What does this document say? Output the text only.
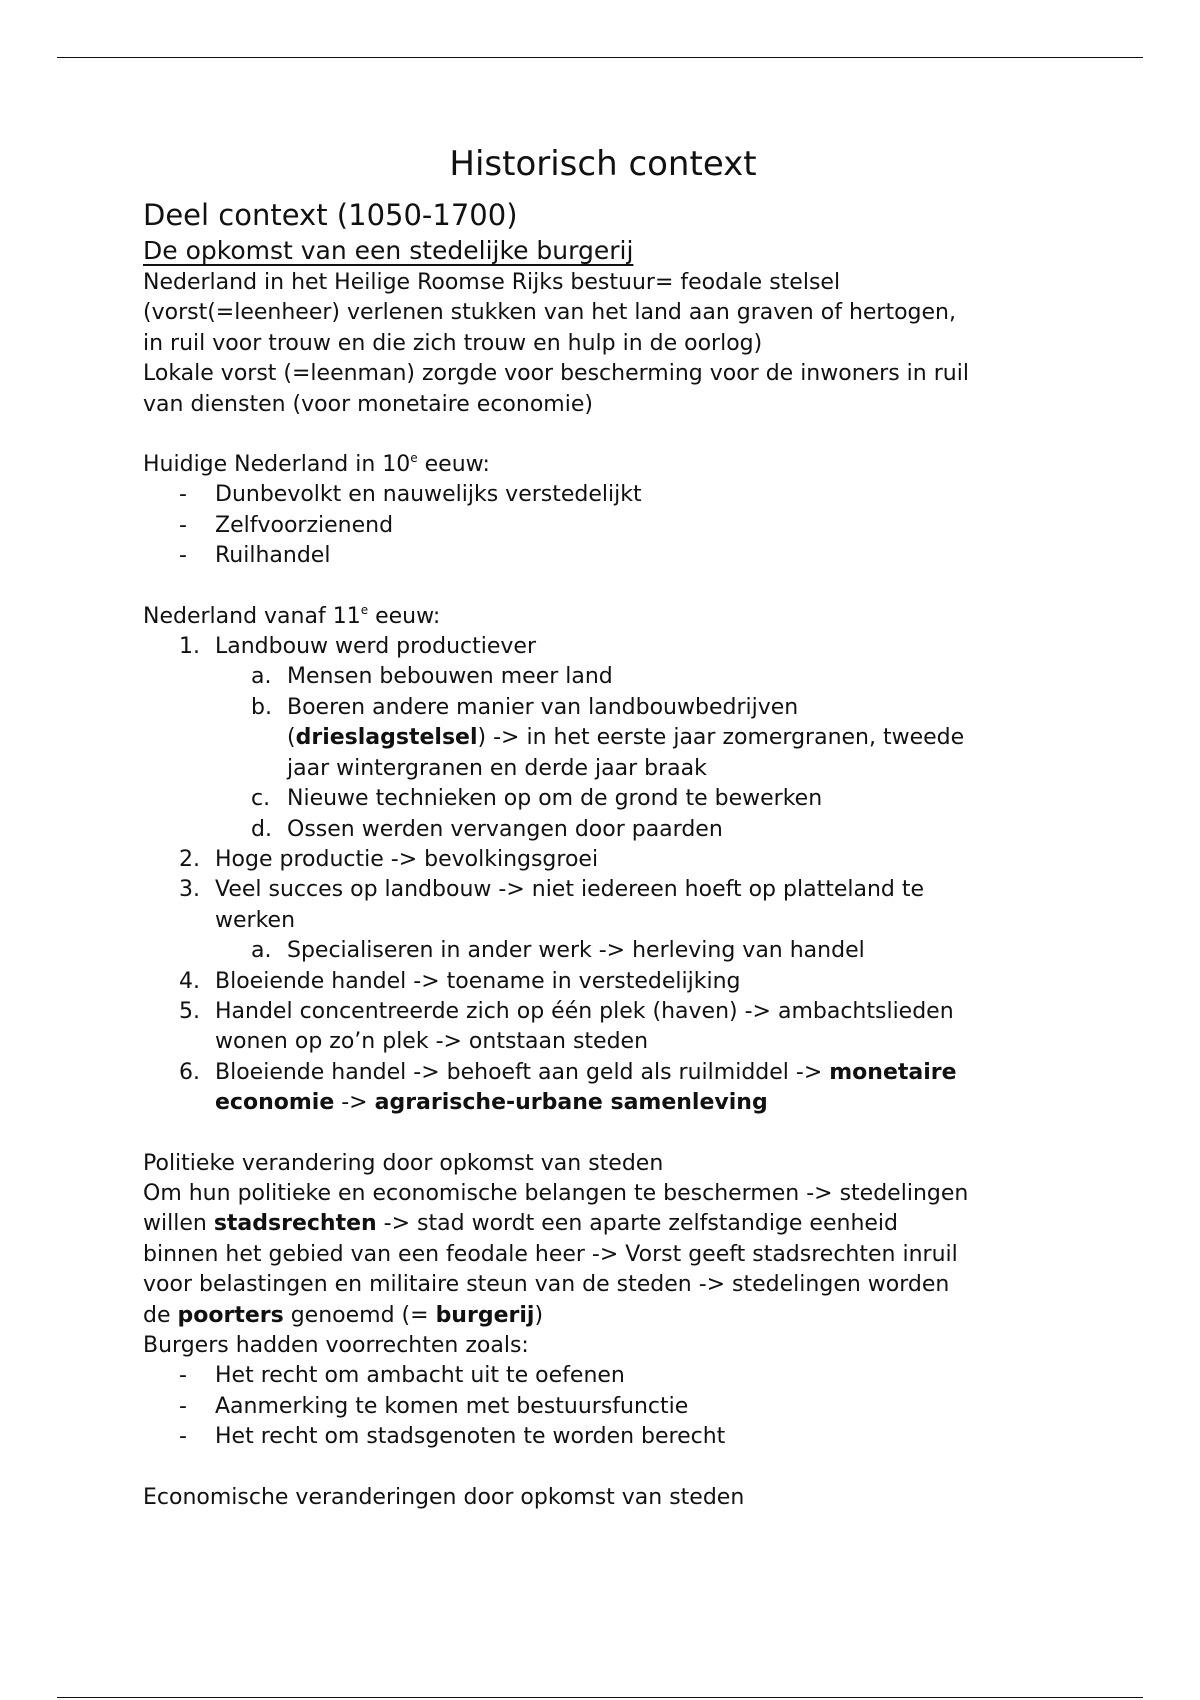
Historisch context
Deel context (1050-1700)
De opkomst van een stedelijke burgerij

Nederland in het Heilige Roomse Rijks bestuur= feodale stelsel

(vorst(=leenheer) verlenen stukken van het land aan graven of hertogen,

in ruil voor trouw en die zich trouw en hulp in de oorlog)

Lokale vorst (=leenman) zorgde voor bescherming voor de inwoners in ruil

van diensten (voor monetaire economie)

Huidige Nederland in 10e eeuw:

- Dunbevolkt en nauwelijks verstedelijkt
- Zelfvoorzienend
- Ruilhandel

Nederland vanaf 11e eeuw:

1. Landbouw werd productiever
a. Mensen bebouwen meer land
b. Boeren andere manier van landbouwbedrijven
(drieslagstelsel) -> in het eerste jaar zomergranen, tweede
jaar wintergranen en derde jaar braak
c. Nieuwe technieken op om de grond te bewerken
d. Ossen werden vervangen door paarden
2. Hoge productie -> bevolkingsgroei
3. Veel succes op landbouw -> niet iedereen hoeft op platteland te
werken
a. Specialiseren in ander werk -> herleving van handel
4. Bloeiende handel -> toename in verstedelijking
5. Handel concentreerde zich op één plek (haven) -> ambachtslieden
wonen op zo’n plek -> ontstaan steden
6. Bloeiende handel -> behoeft aan geld als ruilmiddel -> monetaire
economie -> agrarische-urbane samenleving

Politieke verandering door opkomst van steden

Om hun politieke en economische belangen te beschermen -> stedelingen

willen stadsrechten -> stad wordt een aparte zelfstandige eenheid

binnen het gebied van een feodale heer -> Vorst geeft stadsrechten inruil

voor belastingen en militaire steun van de steden -> stedelingen worden

de poorters genoemd (= burgerij)

Burgers hadden voorrechten zoals:

- Het recht om ambacht uit te oefenen
- Aanmerking te komen met bestuursfunctie
- Het recht om stadsgenoten te worden berecht

Economische veranderingen door opkomst van steden
